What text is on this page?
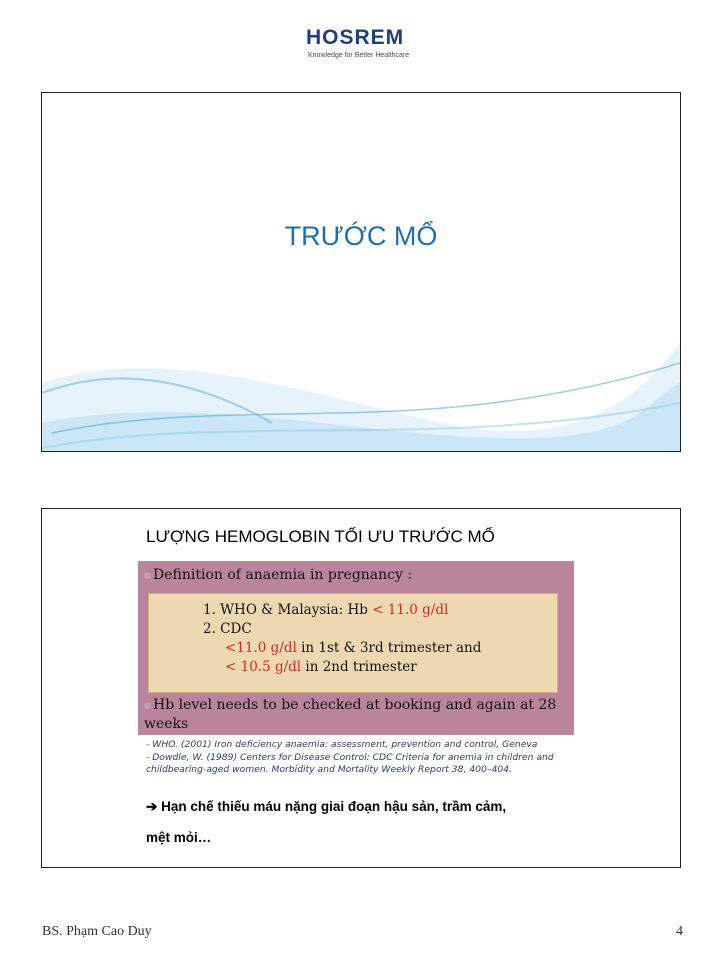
HOSREM
Knowledge for Better Healthcare
TRƯỚC MỔ
LƯỢNG HEMOGLOBIN TỐI ƯU TRƯỚC MỔ
Definition of anaemia in pregnancy :
1. WHO & Malaysia: Hb < 11.0 g/dl
2. CDC
<11.0 g/dl in 1st & 3rd trimester and
< 10.5 g/dl in 2nd trimester
Hb level needs to be checked at booking and again at 28
weeks
- WHO. (2001) Iron deficiency anaemia: assessment, prevention and control, Geneva
- Dowdle, W. (1989) Centers for Disease Control: CDC Criteria for anemia in children and
childbearing-aged women. Morbidity and Mortality Weekly Report 38, 400–404.
➔ Hạn chế thiếu máu nặng giai đoạn hậu sản, trầm cảm,
mệt mỏi…
BS. Phạm Cao Duy	4
